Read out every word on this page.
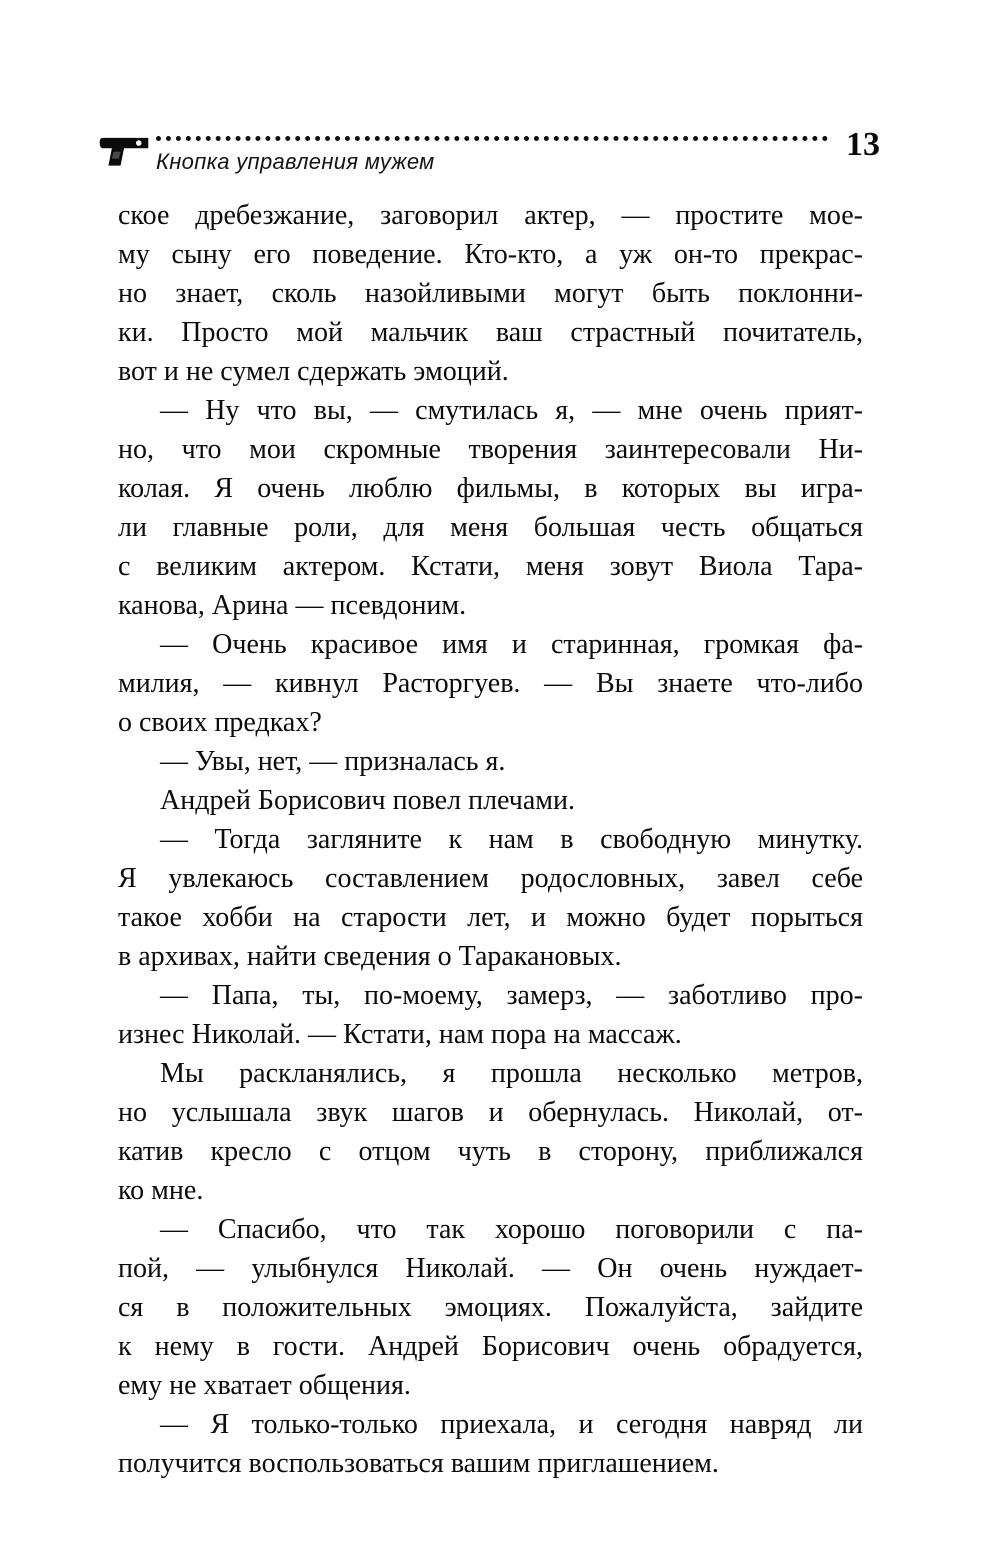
Кнопка управления мужем	13
ское дребезжание, заговорил актер, — простите мое-
му сыну его поведение. Кто-кто, а уж он-то прекрас-
но знает, сколь назойливыми могут быть поклонни-
ки. Просто мой мальчик ваш страстный почитатель,
вот и не сумел сдержать эмоций.
— Ну что вы, — смутилась я, — мне очень прият-
но, что мои скромные творения заинтересовали Ни-
колая. Я очень люблю фильмы, в которых вы игра-
ли главные роли, для меня большая честь общаться
с великим актером. Кстати, меня зовут Виола Тара-
канова, Арина — псевдоним.
— Очень красивое имя и старинная, громкая фа-
милия, — кивнул Расторгуев. — Вы знаете что-либо
о своих предках?
— Увы, нет, — призналась я.
Андрей Борисович повел плечами.
— Тогда загляните к нам в свободную минутку.
Я увлекаюсь составлением родословных, завел себе
такое хобби на старости лет, и можно будет порыться
в архивах, найти сведения о Таракановых.
— Папа, ты, по-моему, замерз, — заботливо про-
изнес Николай. — Кстати, нам пора на массаж.
Мы раскланялись, я прошла несколько метров,
но услышала звук шагов и обернулась. Николай, от-
катив кресло с отцом чуть в сторону, приближался
ко мне.
— Спасибо, что так хорошо поговорили с па-
пой, — улыбнулся Николай. — Он очень нуждает-
ся в положительных эмоциях. Пожалуйста, зайдите
к нему в гости. Андрей Борисович очень обрадуется,
ему не хватает общения.
— Я только-только приехала, и сегодня навряд ли
получится воспользоваться вашим приглашением.
